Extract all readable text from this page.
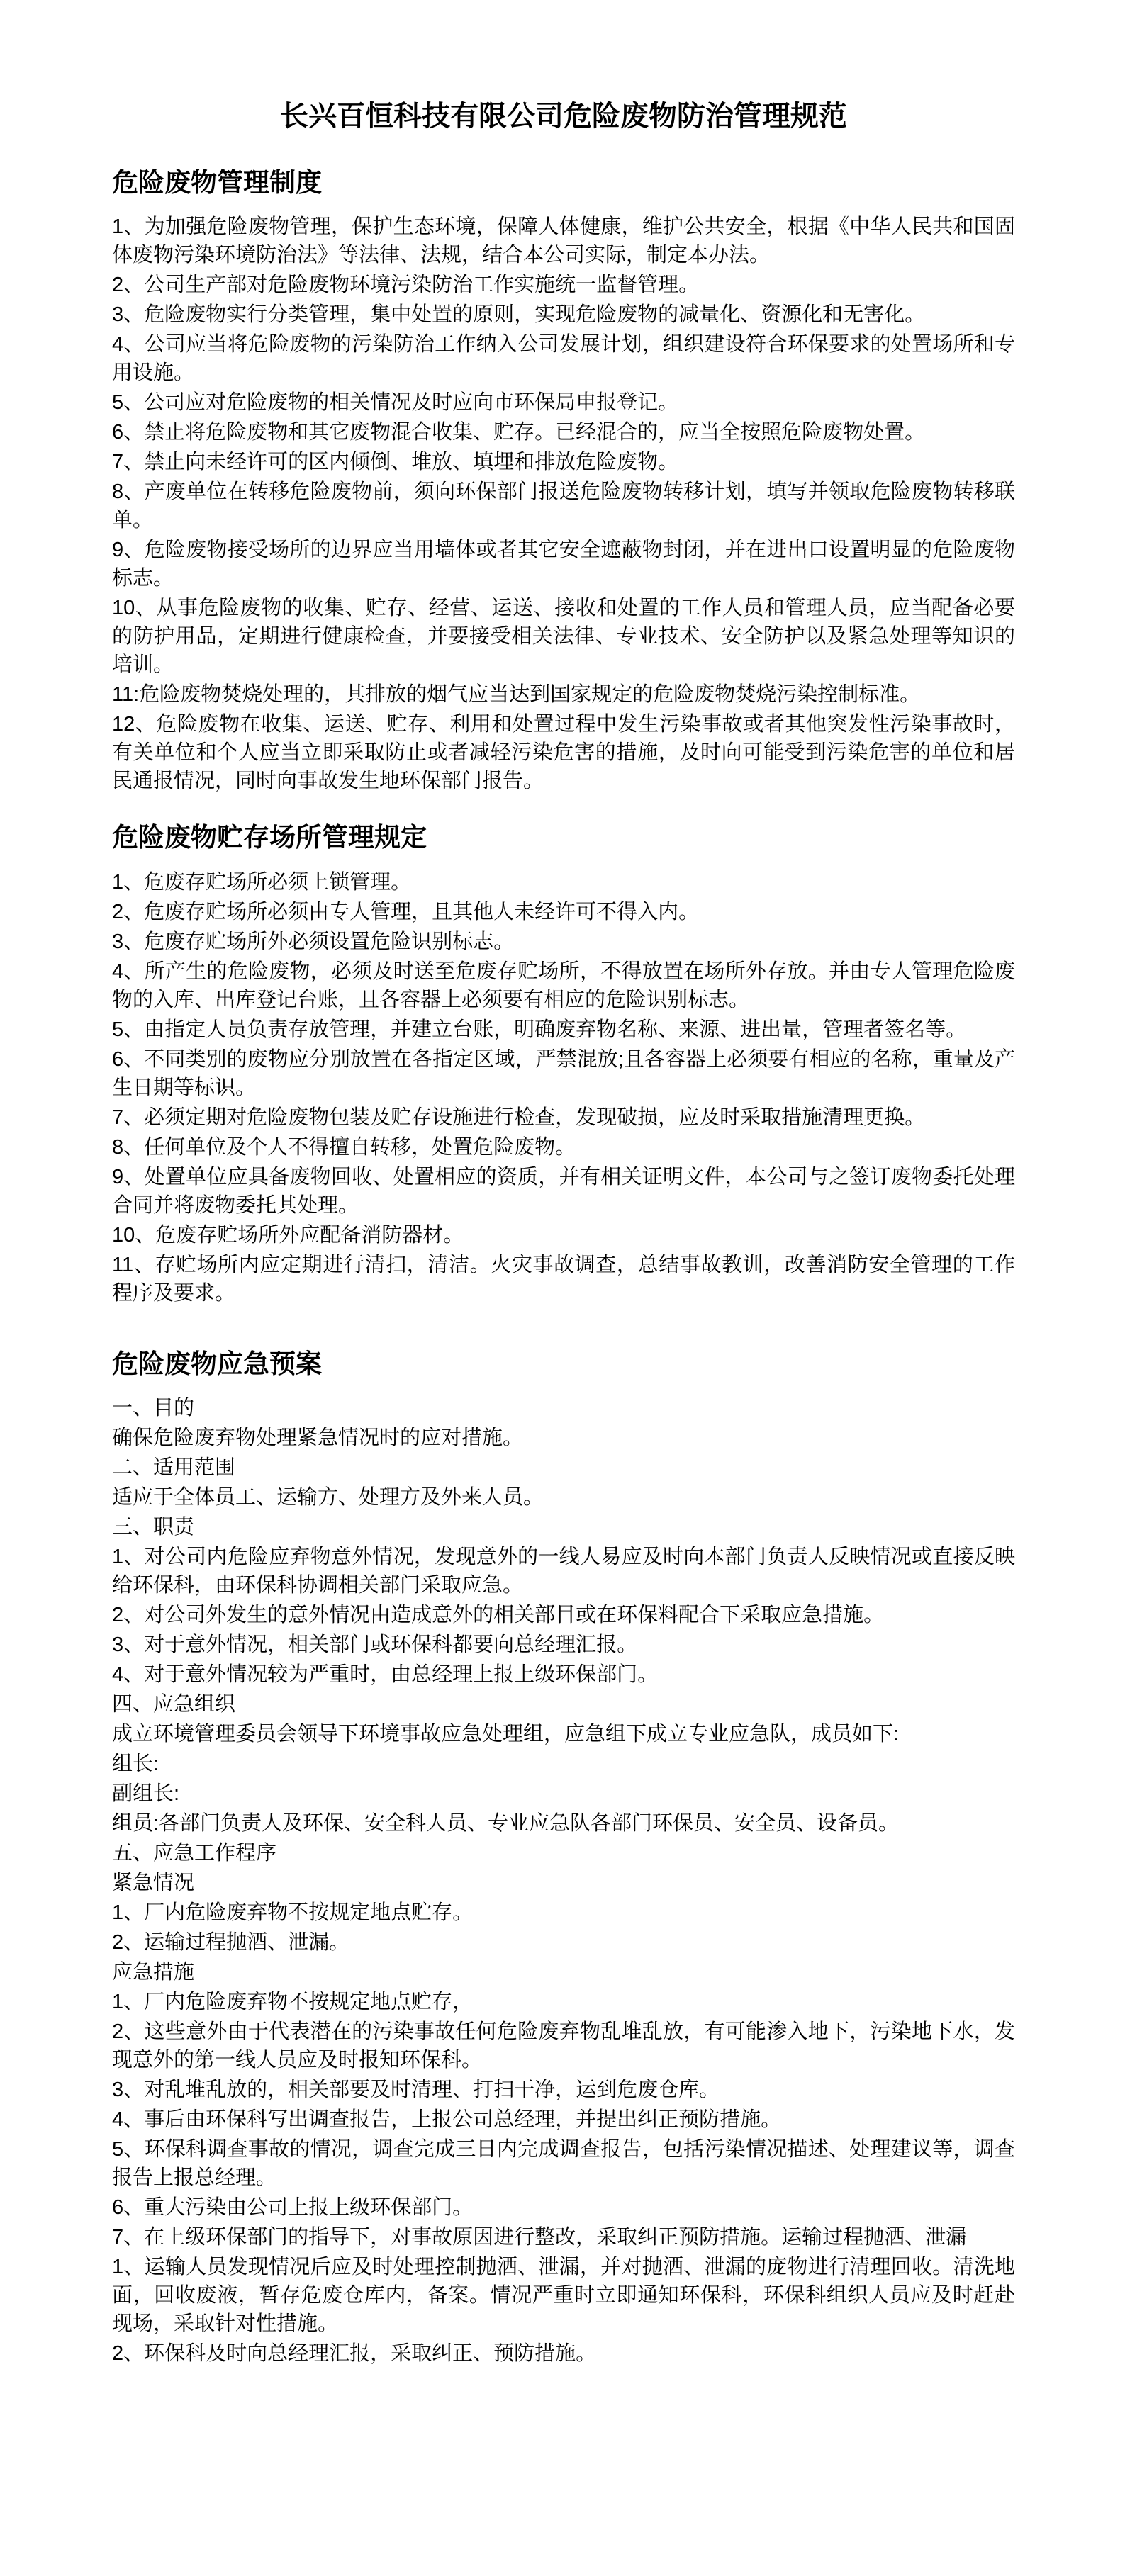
长兴百恒科技有限公司危险废物防治管理规范
危险废物管理制度

1、为加强危险废物管理，保护生态环境，保障人体健康，维护公共安全，根据《中华人民共和国固体废物污染环境防治法》等法律、法规，结合本公司实际，制定本办法。

2、公司生产部对危险废物环境污染防治工作实施统一监督管理。

3、危险废物实行分类管理，集中处置的原则，实现危险废物的减量化、资源化和无害化。

4、公司应当将危险废物的污染防治工作纳入公司发展计划，组织建设符合环保要求的处置场所和专用设施。

5、公司应对危险废物的相关情况及时应向市环保局申报登记。

6、禁止将危险废物和其它废物混合收集、贮存。已经混合的，应当全按照危险废物处置。

7、禁止向未经许可的区内倾倒、堆放、填埋和排放危险废物。

8、产废单位在转移危险废物前，须向环保部门报送危险废物转移计划，填写并领取危险废物转移联单。

9、危险废物接受场所的边界应当用墙体或者其它安全遮蔽物封闭，并在进出口设置明显的危险废物标志。

10、从事危险废物的收集、贮存、经营、运送、接收和处置的工作人员和管理人员，应当配备必要的防护用品，定期进行健康检查，并要接受相关法律、专业技术、安全防护以及紧急处理等知识的培训。

11:危险废物焚烧处理的，其排放的烟气应当达到国家规定的危险废物焚烧污染控制标准。

12、危险废物在收集、运送、贮存、利用和处置过程中发生污染事故或者其他突发性污染事故时，有关单位和个人应当立即采取防止或者减轻污染危害的措施，及时向可能受到污染危害的单位和居民通报情况，同时向事故发生地环保部门报告。

危险废物贮存场所管理规定

1、危废存贮场所必须上锁管理。

2、危废存贮场所必须由专人管理，且其他人未经许可不得入内。

3、危废存贮场所外必须设置危险识别标志。

4、所产生的危险废物，必须及时送至危废存贮场所，不得放置在场所外存放。并由专人管理危险废物的入库、出库登记台账，且各容器上必须要有相应的危险识别标志。

5、由指定人员负责存放管理，并建立台账，明确废弃物名称、来源、进出量，管理者签名等。

6、不同类别的废物应分别放置在各指定区域，严禁混放;且各容器上必须要有相应的名称，重量及产生日期等标识。

7、必须定期对危险废物包装及贮存设施进行检查，发现破损，应及时采取措施清理更换。

8、任何单位及个人不得擅自转移，处置危险废物。

9、处置单位应具备废物回收、处置相应的资质，并有相关证明文件，本公司与之签订废物委托处理合同并将废物委托其处理。

10、危废存贮场所外应配备消防器材。

11、存贮场所内应定期进行清扫，清洁。火灾事故调查，总结事故教训，改善消防安全管理的工作程序及要求。

危险废物应急预案

一、目的

确保危险废弃物处理紧急情况时的应对措施。

二、适用范围

适应于全体员工、运输方、处理方及外来人员。

三、职责

1、对公司内危险应弃物意外情况，发现意外的一线人易应及时向本部门负责人反映情况或直接反映给环保科，由环保科协调相关部门采取应急。

2、对公司外发生的意外情况由造成意外的相关部目或在环保料配合下采取应急措施。

3、对于意外情况，相关部门或环保科都要向总经理汇报。

4、对于意外情况较为严重时，由总经理上报上级环保部门。

四、应急组织

成立环境管理委员会领导下环境事故应急处理组，应急组下成立专业应急队，成员如下:

组长:

副组长:

组员:各部门负责人及环保、安全科人员、专业应急队各部门环保员、安全员、设备员。

五、应急工作程序

紧急情况

1、厂内危险废弃物不按规定地点贮存。

2、运输过程抛酒、泄漏。

应急措施

1、厂内危险废弃物不按规定地点贮存，

2、这些意外由于代表潜在的污染事故任何危险废弃物乱堆乱放，有可能渗入地下，污染地下水，发现意外的第一线人员应及时报知环保科。

3、对乱堆乱放的，相关部要及时清理、打扫干净，运到危废仓库。

4、事后由环保科写出调查报告，上报公司总经理，并提出纠正预防措施。

5、环保科调查事故的情况，调查完成三日内完成调查报告，包括污染情况描述、处理建议等，调查报告上报总经理。

6、重大污染由公司上报上级环保部门。

7、在上级环保部门的指导下，对事故原因进行整改，采取纠正预防措施。运输过程抛洒、泄漏

1、运输人员发现情况后应及时处理控制抛洒、泄漏，并对抛洒、泄漏的庞物进行清理回收。清洗地面，回收废液，暂存危废仓库内，备案。情况严重时立即通知环保科，环保科组织人员应及时赶赴现场，采取针对性措施。

2、环保科及时向总经理汇报，采取纠正、预防措施。
